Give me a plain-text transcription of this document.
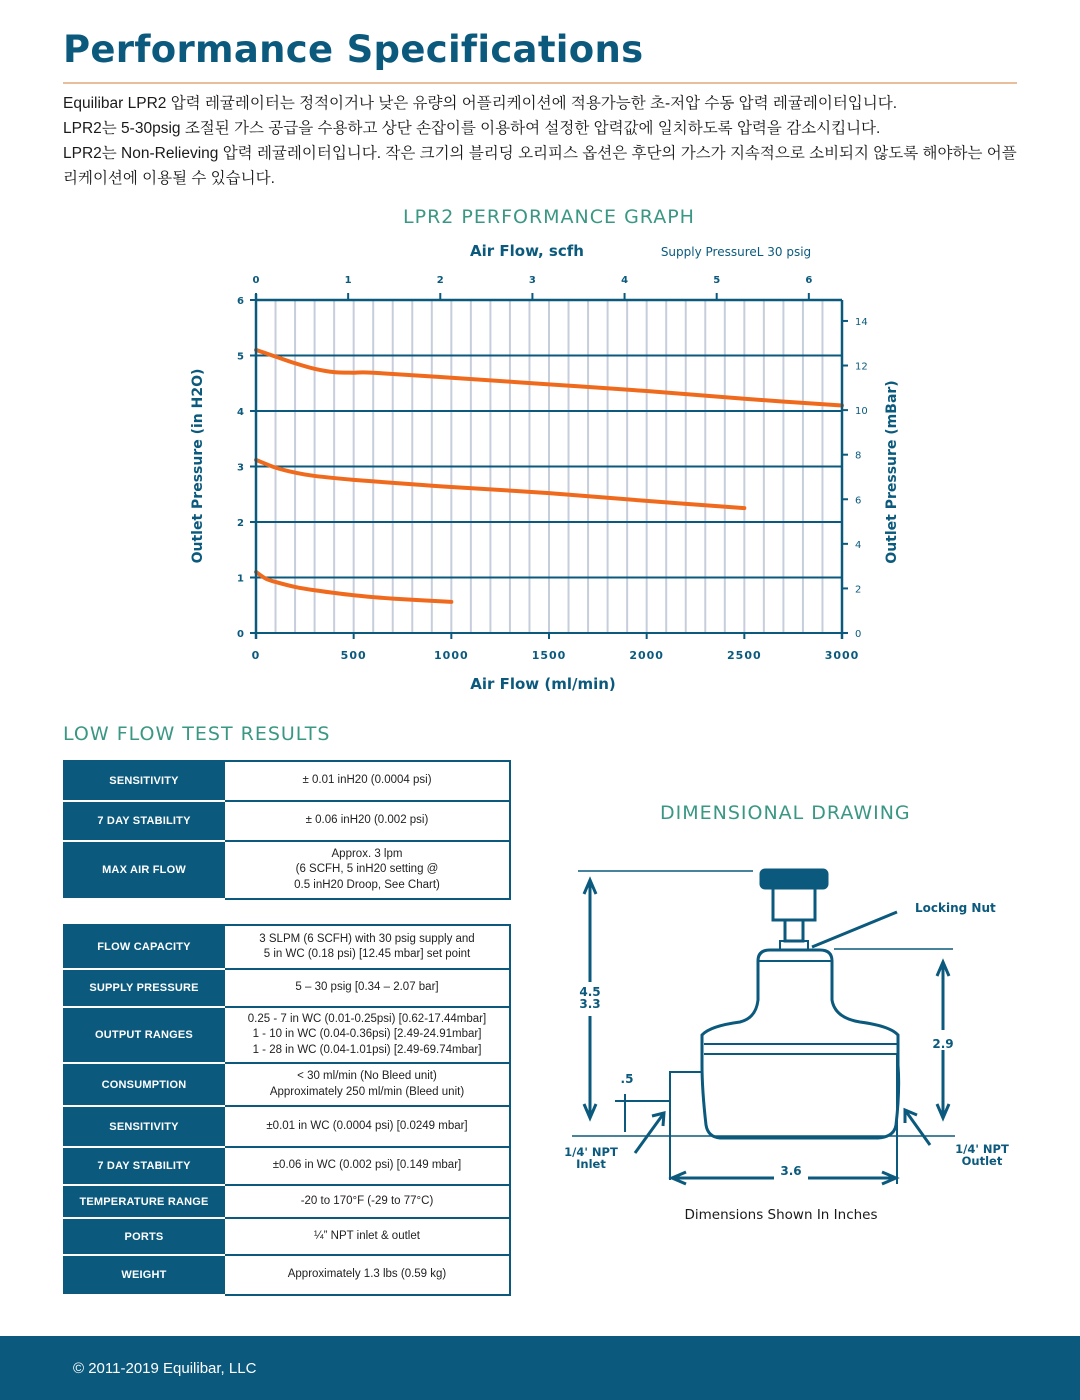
Performance Specifications

Equilibar LPR2 압력 레귤레이터는 정적이거나 낮은 유량의 어플리케이션에 적용가능한 초-저압 수동 압력 레귤레이터입니다.

LPR2는 5-30psig 조절된 가스 공급을 수용하고 상단 손잡이를 이용하여 설정한 압력값에 일치하도록 압력을 감소시킵니다.

LPR2는 Non-Relieving 압력 레귤레이터입니다. 작은 크기의 블리딩 오리피스 옵션은 후단의 가스가 지속적으로 소비되지 않도록 해야하는 어플리케이션에 이용될 수 있습니다.

LPR2 PERFORMANCE GRAPH
0
1
2
3
4
5
6
0	500	1000	1500	2000	2500	3000
0	1	2	3	4	5	6
0
2
4
6
8
10
12
14
Air Flow, scfh	Supply PressureL 30 psig
Air Flow (ml/min)
Outlet Pressure (in H2O)	Outlet Pressure (mBar)
LOW FLOW TEST RESULTS
SENSITIVITY	± 0.01 inH20 (0.0004 psi)

7 DAY STABILITY	± 0.06 inH20 (0.002 psi)

MAX AIR FLOW	Approx. 3 lpm
(6 SCFH, 5 inH20 setting @
0.5 inH20 Droop, See Chart)
FLOW CAPACITY	3 SLPM (6 SCFH) with 30 psig supply and
5 in WC (0.18 psi) [12.45 mbar] set point

SUPPLY PRESSURE	5 – 30 psig [0.34 – 2.07 bar]

OUTPUT RANGES	0.25 - 7 in WC (0.01-0.25psi) [0.62-17.44mbar]
1 - 10 in WC (0.04-0.36psi) [2.49-24.91mbar]
1 - 28 in WC (0.04-1.01psi) [2.49-69.74mbar]

CONSUMPTION	< 30 ml/min (No Bleed unit)
Approximately 250 ml/min (Bleed unit)

SENSITIVITY	±0.01 in WC (0.0004 psi) [0.0249 mbar]

7 DAY STABILITY	±0.06 in WC (0.002 psi) [0.149 mbar]

TEMPERATURE RANGE	-20 to 170°F (-29 to 77°C)

PORTS	¼” NPT inlet & outlet

WEIGHT	Approximately 1.3 lbs (0.59 kg)
DIMENSIONAL DRAWING
4.5
3.3
Locking Nut
2.9
.5
1/4' NPT
Inlet
1/4' NPT
Outlet
3.6
Dimensions Shown In Inches
© 2011-2019 Equilibar, LLC
